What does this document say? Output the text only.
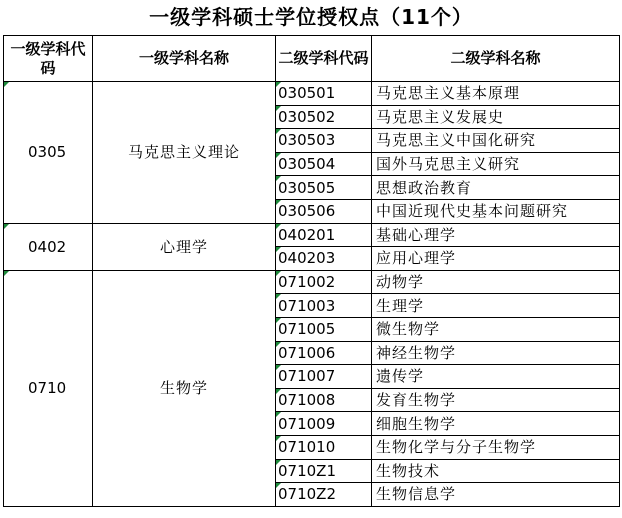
一级学科硕士学位授权点（11个）
一级学科代码	一级学科名称	二级学科代码	二级学科名称
0305	马克思主义理论	030501	马克思主义基本原理
		030502	马克思主义发展史
		030503	马克思主义中国化研究
		030504	国外马克思主义研究
		030505	思想政治教育
		030506	中国近现代史基本问题研究
0402	心理学	040201	基础心理学
		040203	应用心理学
0710	生物学	071002	动物学
		071003	生理学
		071005	微生物学
		071006	神经生物学
		071007	遗传学
		071008	发育生物学
		071009	细胞生物学
		071010	生物化学与分子生物学
		0710Z1	生物技术
		0710Z2	生物信息学
